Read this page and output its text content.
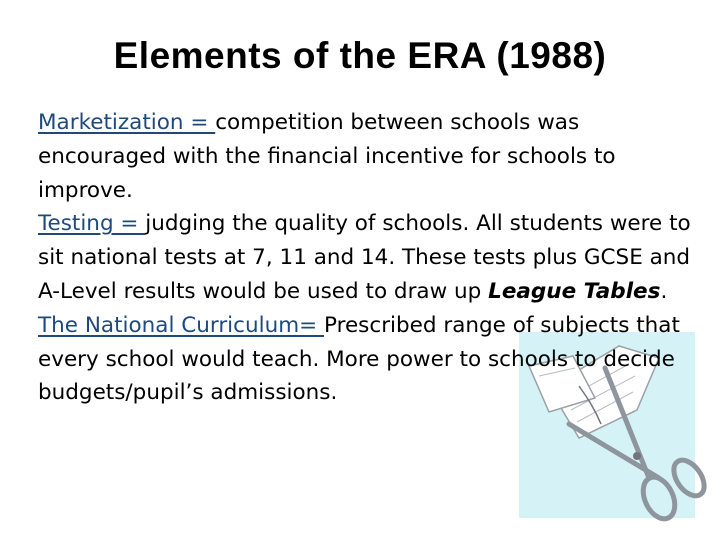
Elements of the ERA (1988)

Marketization = competition between schools was encouraged with the financial incentive for schools to improve.

Testing = judging the quality of schools. All students were to sit national tests at 7, 11 and 14. These tests plus GCSE and A-Level results would be used to draw up League Tables.

The National Curriculum= Prescribed range of subjects that every school would teach. More power to schools to decide budgets/pupil’s admissions.
